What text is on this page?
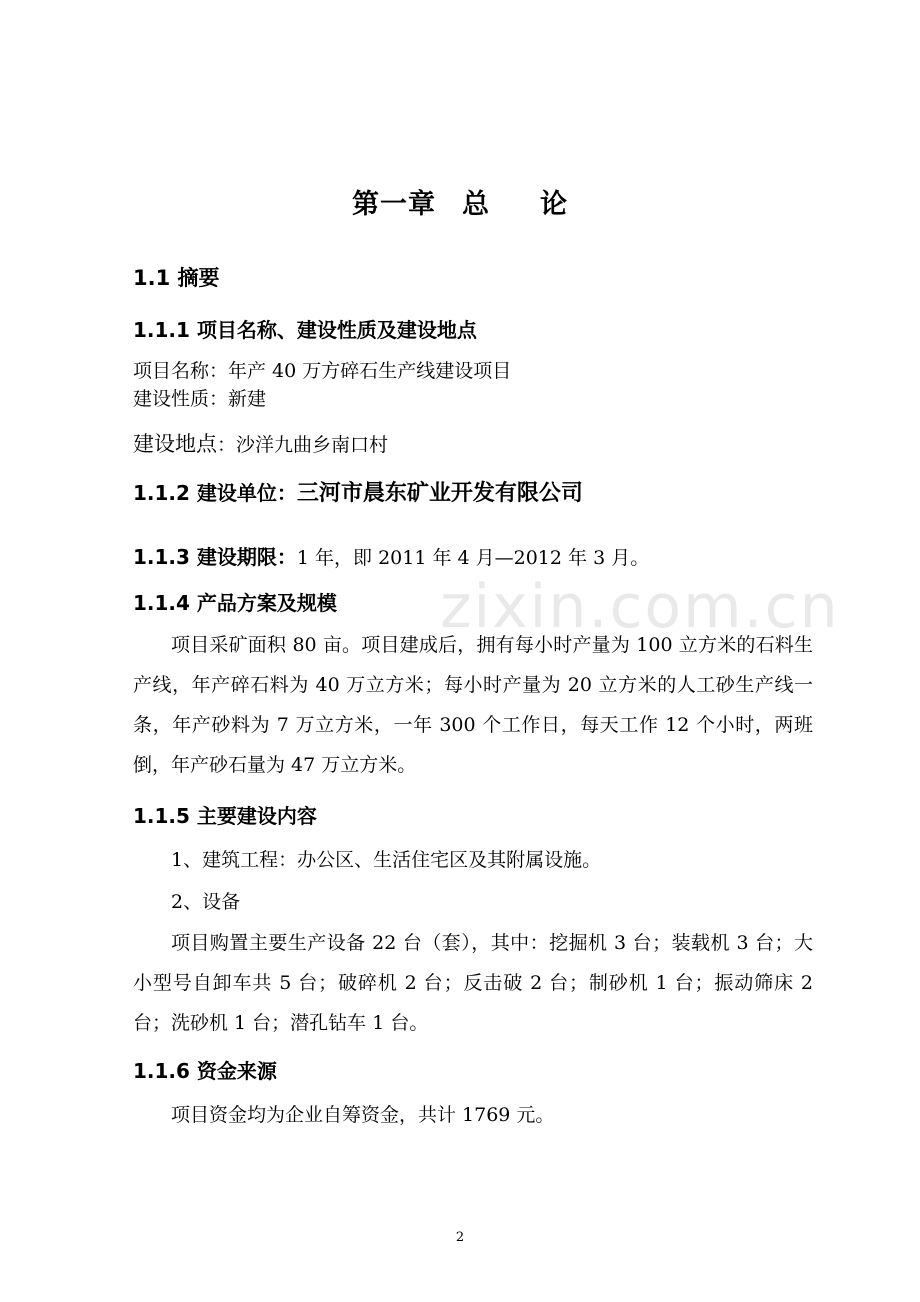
zixin.com.cn
第一章 总 论
1.1 摘要
1.1.1 项目名称、建设性质及建设地点
项目名称：年产 40 万方碎石生产线建设项目
建设性质：新建
建设地点：沙洋九曲乡南口村
1.1.2 建设单位：三河市晨东矿业开发有限公司
1.1.3 建设期限：1 年，即 2011 年 4 月—2012 年 3 月。
1.1.4 产品方案及规模
项目采矿面积 80 亩。项目建成后，拥有每小时产量为 100 立方米的石料生产线，年产碎石料为 40 万立方米；每小时产量为 20 立方米的人工砂生产线一条，年产砂料为 7 万立方米，一年 300 个工作日，每天工作 12 个小时，两班倒，年产砂石量为 47 万立方米。
1.1.5 主要建设内容
1、建筑工程：办公区、生活住宅区及其附属设施。
2、设备
项目购置主要生产设备 22 台（套），其中：挖掘机 3 台；装载机 3 台；大小型号自卸车共 5 台；破碎机 2 台；反击破 2 台；制砂机 1 台；振动筛床 2 台；洗砂机 1 台；潜孔钻车 1 台。
1.1.6 资金来源
项目资金均为企业自筹资金，共计 1769 元。
2
